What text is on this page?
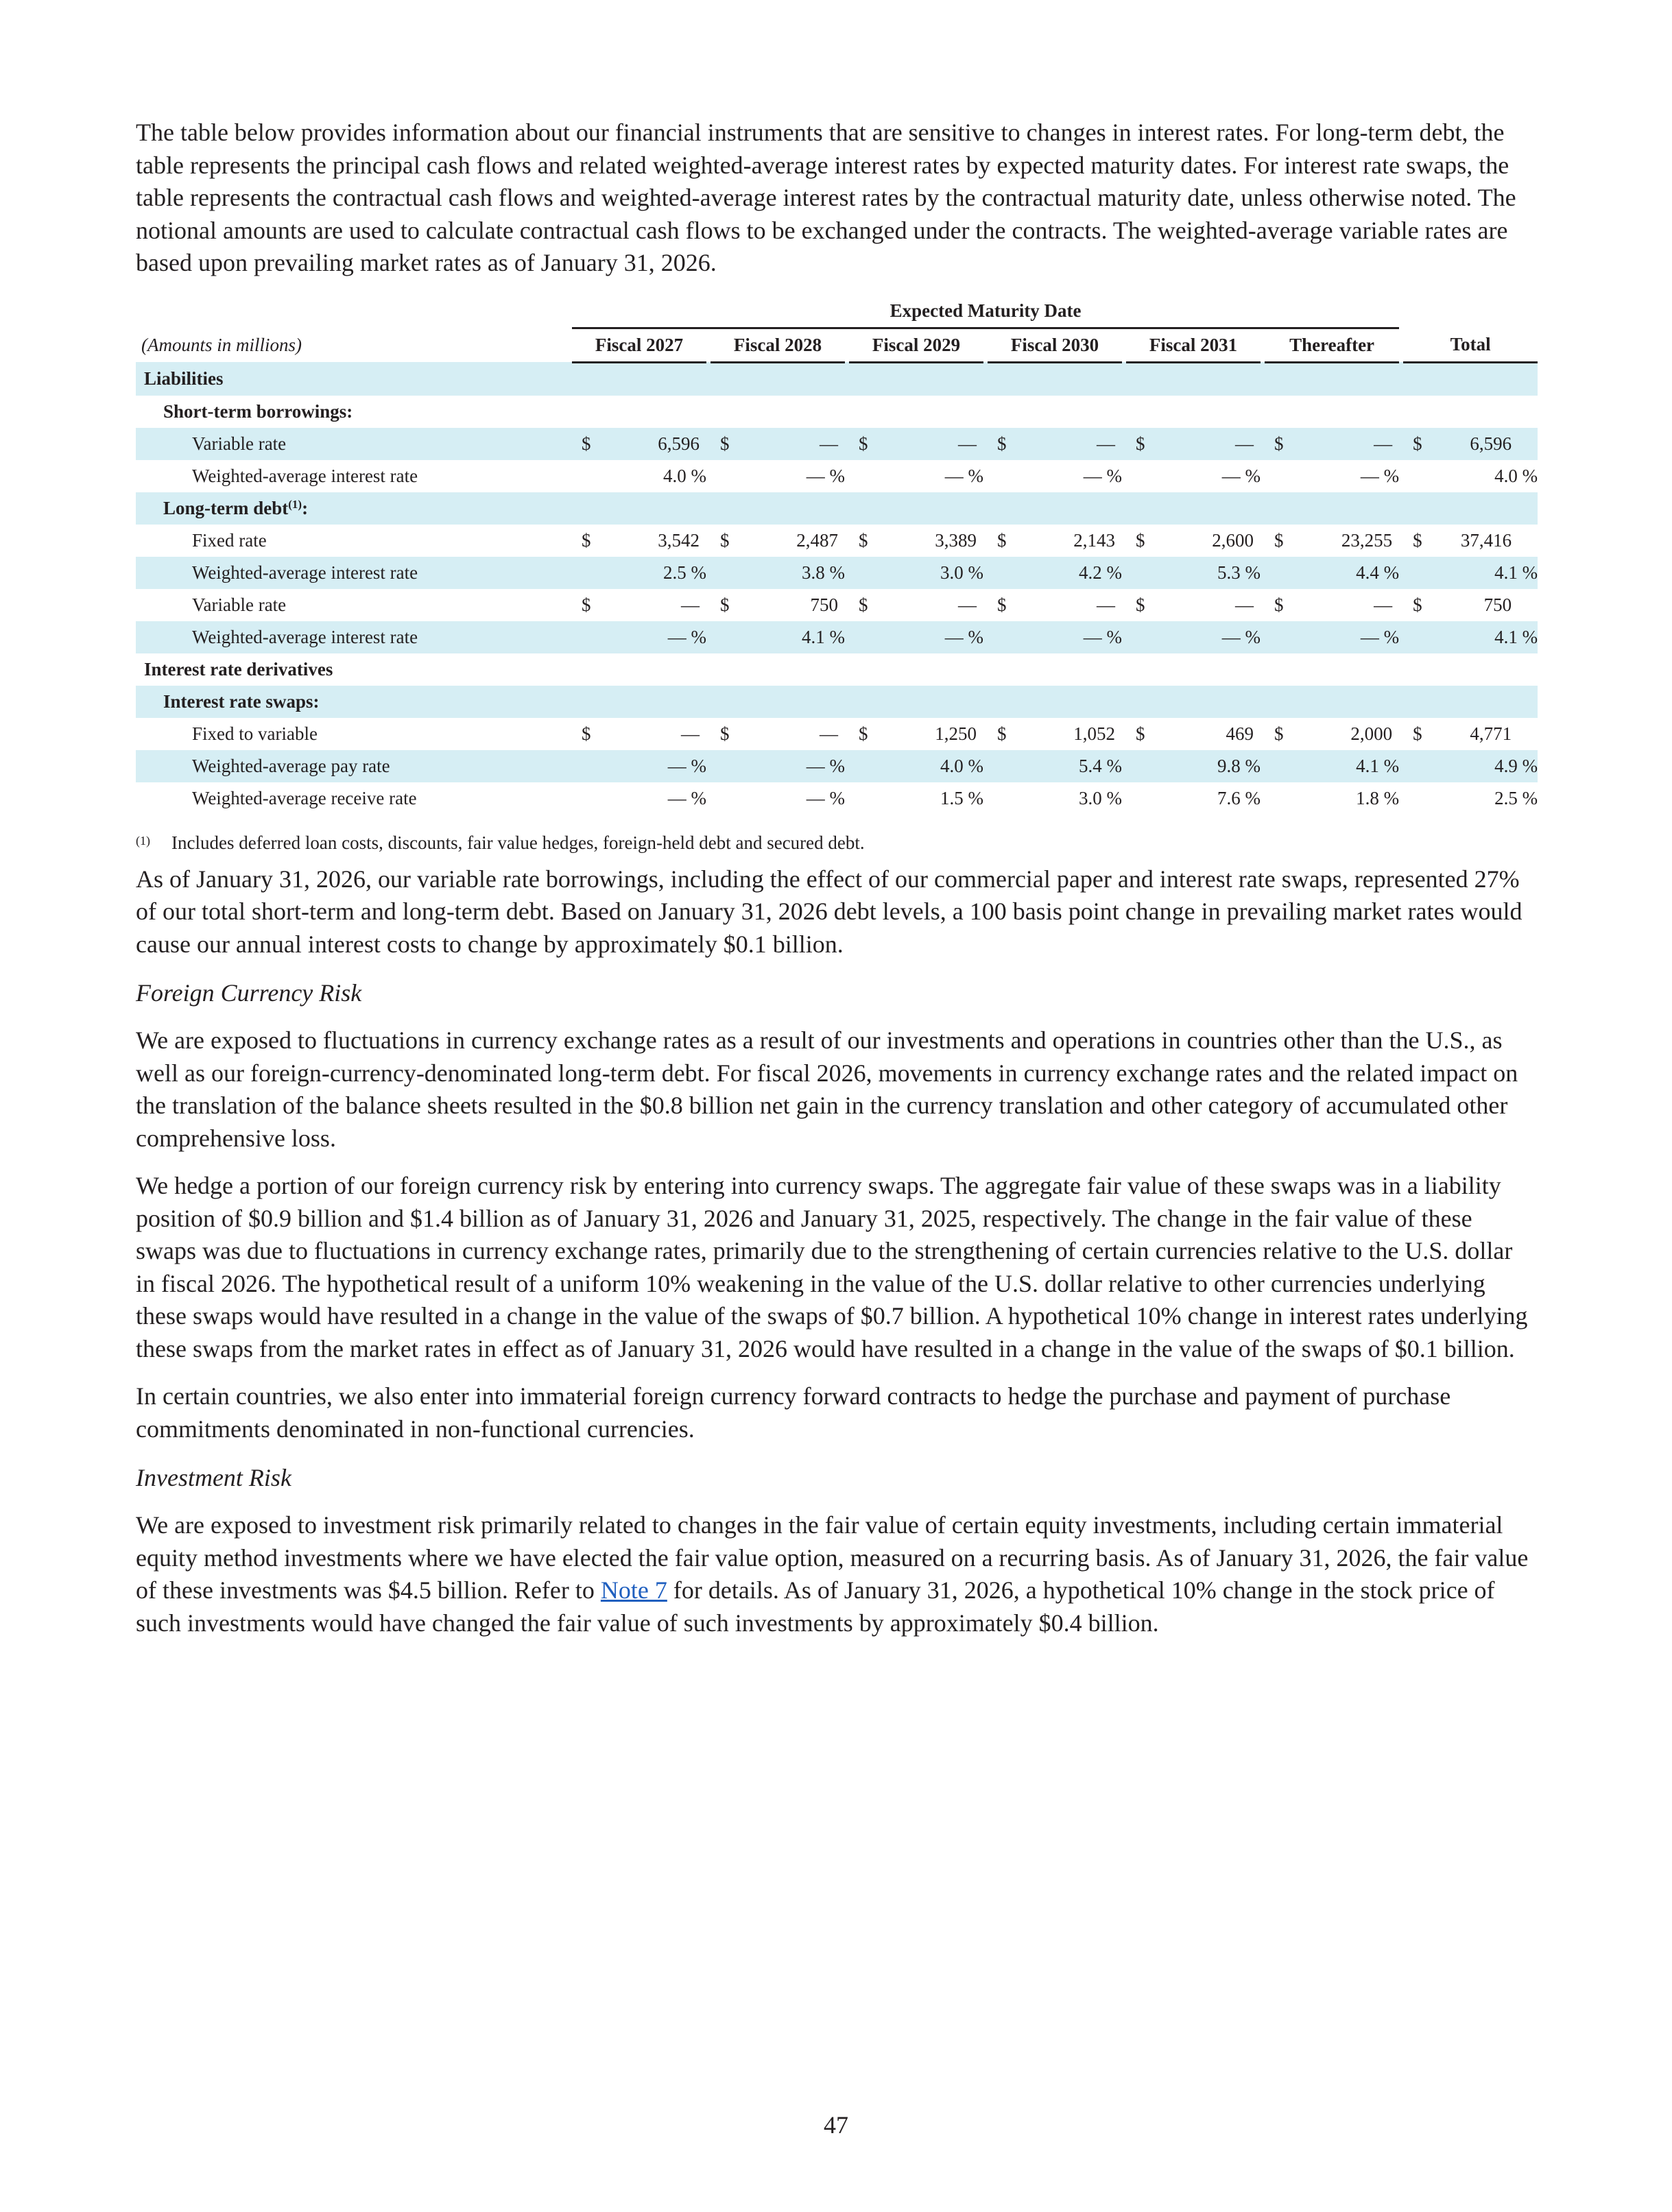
The table below provides information about our financial instruments that are sensitive to changes in interest rates. For long-term debt, the table represents the principal cash flows and related weighted-average interest rates by expected maturity dates. For interest rate swaps, the table represents the contractual cash flows and weighted-average interest rates by the contractual maturity date, unless otherwise noted. The notional amounts are used to calculate contractual cash flows to be exchanged under the contracts. The weighted-average variable rates are based upon prevailing market rates as of January 31, 2026.

		Expected Maturity Date												
(Amounts in millions)		Fiscal 2027		Fiscal 2028		Fiscal 2029		Fiscal 2030		Fiscal 2031		Thereafter		Total
Liabilities														
Short-term borrowings:														
Variable rate		$ 6,596		$ —		$ —		$ —		$ —		$ —		$ 6,596

Weighted-average interest rate		4.0 %		— %		— %		— %		— %		— %		4.0 %
Long-term debt$^{(1)}$:														
Fixed rate		$ 3,542		$ 2,487		$ 3,389		$ 2,143		$ 2,600		$ 23,255		$ 37,416

Weighted-average interest rate		2.5 %		3.8 %		3.0 %		4.2 %		5.3 %		4.4 %		4.1 %
Variable rate		$ —		$ 750		$ —		$ —		$ —		$ —		$ 750

Weighted-average interest rate		— %		4.1 %		— %		— %		— %		— %		4.1 %
Interest rate derivatives														
Interest rate swaps:														
Fixed to variable		$ —		$ —		$ 1,250		$ 1,052		$ 469		$ 2,000		$ 4,771

Weighted-average pay rate		— %		— %		4.0 %		5.4 %		9.8 %		4.1 %		4.9 %
Weighted-average receive rate		— %		— %		1.5 %		3.0 %		7.6 %		1.8 %		2.5 %
(1)	Includes deferred loan costs, discounts, fair value hedges, foreign-held debt and secured debt.

As of January 31, 2026, our variable rate borrowings, including the effect of our commercial paper and interest rate swaps, represented 27% of our total short-term and long-term debt. Based on January 31, 2026 debt levels, a 100 basis point change in prevailing market rates would cause our annual interest costs to change by approximately $0.1 billion.

Foreign Currency Risk

We are exposed to fluctuations in currency exchange rates as a result of our investments and operations in countries other than the U.S., as well as our foreign-currency-denominated long-term debt. For fiscal 2026, movements in currency exchange rates and the related impact on the translation of the balance sheets resulted in the $0.8 billion net gain in the currency translation and other category of accumulated other comprehensive loss.

We hedge a portion of our foreign currency risk by entering into currency swaps. The aggregate fair value of these swaps was in a liability position of $0.9 billion and $1.4 billion as of January 31, 2026 and January 31, 2025, respectively. The change in the fair value of these swaps was due to fluctuations in currency exchange rates, primarily due to the strengthening of certain currencies relative to the U.S. dollar in fiscal 2026. The hypothetical result of a uniform 10% weakening in the value of the U.S. dollar relative to other currencies underlying these swaps would have resulted in a change in the value of the swaps of $0.7 billion. A hypothetical 10% change in interest rates underlying these swaps from the market rates in effect as of January 31, 2026 would have resulted in a change in the value of the swaps of $0.1 billion.

In certain countries, we also enter into immaterial foreign currency forward contracts to hedge the purchase and payment of purchase commitments denominated in non-functional currencies.

Investment Risk

We are exposed to investment risk primarily related to changes in the fair value of certain equity investments, including certain immaterial equity method investments where we have elected the fair value option, measured on a recurring basis. As of January 31, 2026, the fair value of these investments was $4.5 billion. Refer to Note 7 for details. As of January 31, 2026, a hypothetical 10% change in the stock price of such investments would have changed the fair value of such investments by approximately $0.4 billion.

47
